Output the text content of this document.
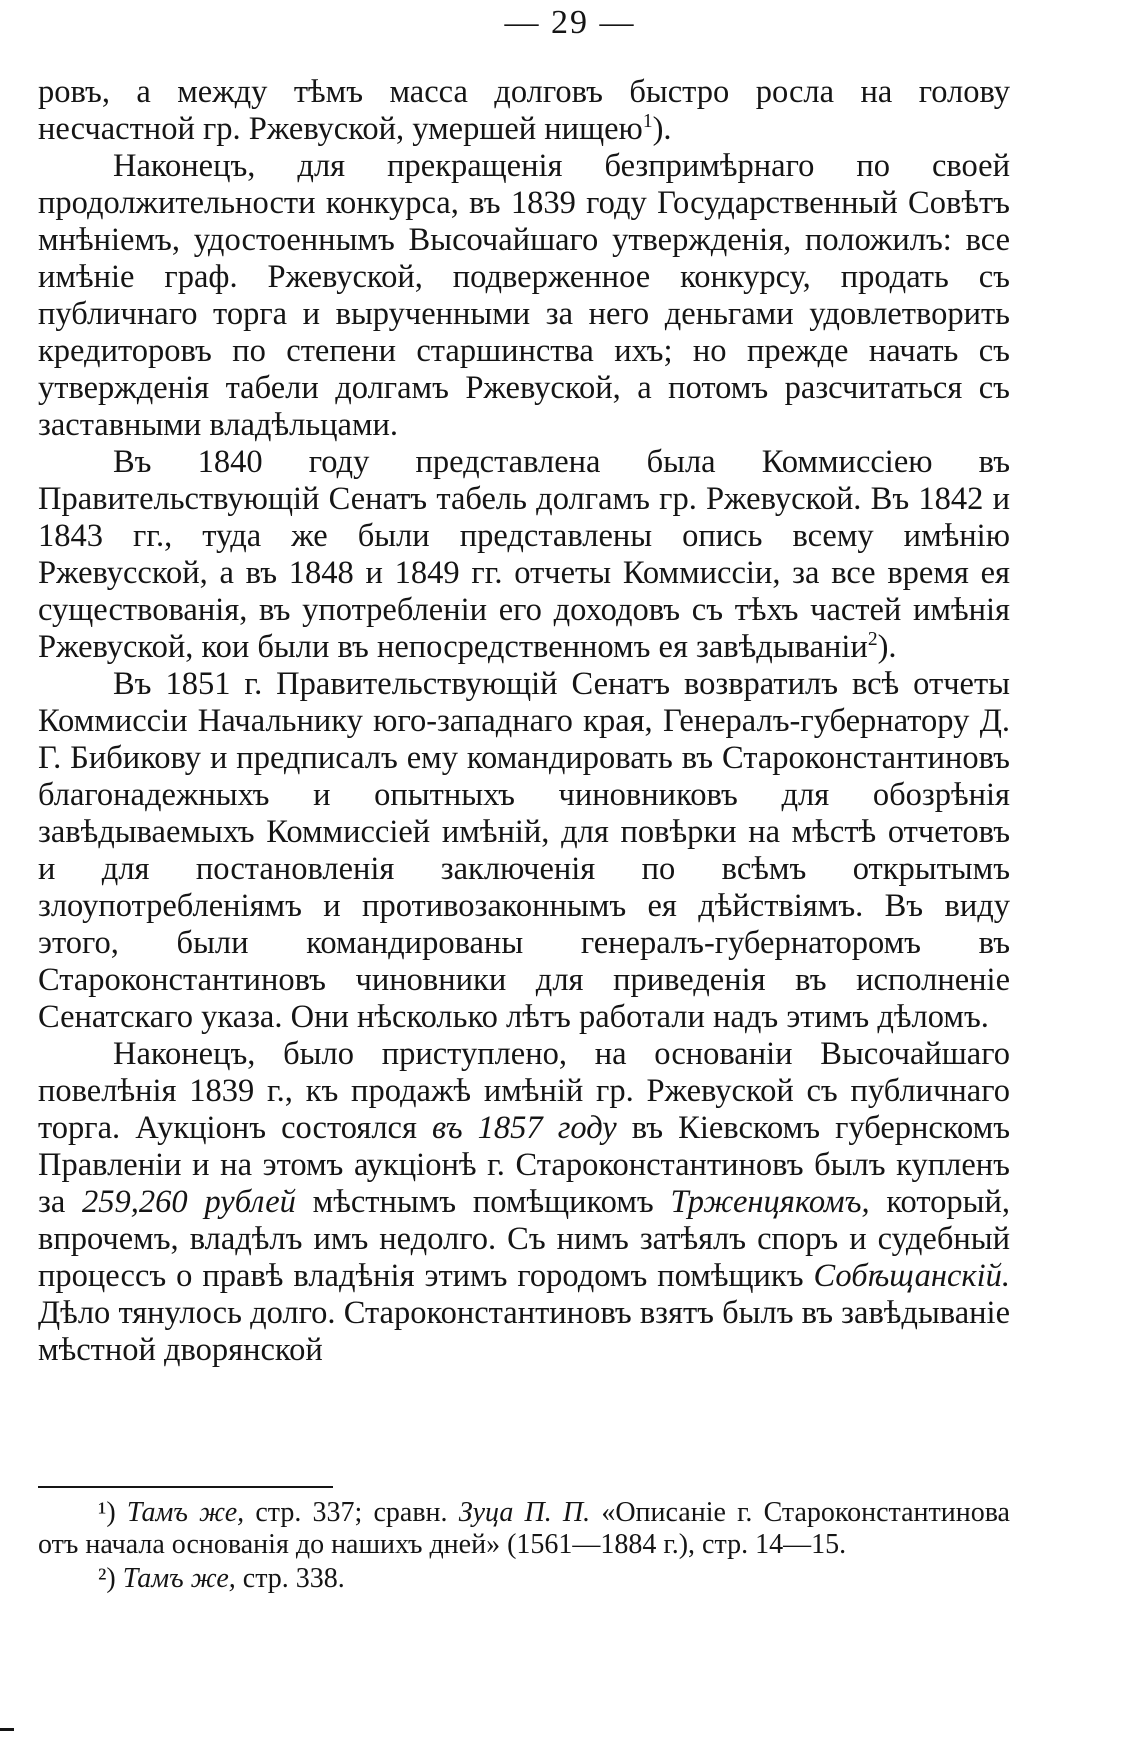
— 29 —

ровъ, а между тѣмъ масса долговъ быстро росла на голову несчастной гр. Ржевуской, умершей нищею$^1$).

Наконецъ, для прекращенія безпримѣрнаго по своей продолжительности конкурса, въ 1839 году Государственный Совѣтъ мнѣніемъ, удостоеннымъ Высочайшаго утвержденія, положилъ: все имѣніе граф. Ржевуской, подверженное конкурсу, продать съ публичнаго торга и вырученными за него деньгами удовлетворить кредиторовъ по степени старшинства ихъ; но прежде начать съ утвержденія табели долгамъ Ржевуской, а потомъ разсчитаться съ заставными владѣльцами.

Въ 1840 году представлена была Коммиссіею въ Правительствующій Сенатъ табель долгамъ гр. Ржевуской. Въ 1842 и 1843 гг., туда же были представлены опись всему имѣнію Ржевусской, а въ 1848 и 1849 гг. отчеты Коммиссіи, за все время ея существованія, въ употребленіи его доходовъ съ тѣхъ частей имѣнія Ржевуской, кои были въ непосредственномъ ея завѣдываніи$^2$).

Въ 1851 г. Правительствующій Сенатъ возвратилъ всѣ отчеты Коммиссіи Начальнику юго-западнаго края, Генералъ-губернатору Д. Г. Бибикову и предписалъ ему командировать въ Староконстантиновъ благонадежныхъ и опытныхъ чиновниковъ для обозрѣнія завѣдываемыхъ Коммиссіей имѣній, для повѣрки на мѣстѣ отчетовъ и для постановленія заключенія по всѣмъ открытымъ злоупотребленіямъ и противозаконнымъ ея дѣйствіямъ. Въ виду этого, были командированы генералъ-губернаторомъ въ Староконстантиновъ чиновники для приведенія въ исполненіе Сенатскаго указа. Они нѣсколько лѣтъ работали надъ этимъ дѣломъ.

Наконецъ, было приступлено, на основаніи Высочайшаго повелѣнія 1839 г., къ продажѣ имѣній гр. Ржевуской съ публичнаго торга. Аукціонъ состоялся въ 1857 году въ Кіевскомъ губернскомъ Правленіи и на этомъ аукціонѣ г. Староконстантиновъ былъ купленъ за 259,260 рублей мѣстнымъ помѣщикомъ Трженцякомъ, который, впрочемъ, владѣлъ имъ недолго. Съ нимъ затѣялъ споръ и судебный процессъ о правѣ владѣнія этимъ городомъ помѣщикъ Собѣщанскій. Дѣло тянулось долго. Староконстантиновъ взятъ былъ въ завѣдываніе мѣстной дворянской

¹) Тамъ же, стр. 337; сравн. Зуца П. П. «Описаніе г. Староконстантинова отъ начала основанія до нашихъ дней» (1561—1884 г.), стр. 14—15.

²) Тамъ же, стр. 338.
